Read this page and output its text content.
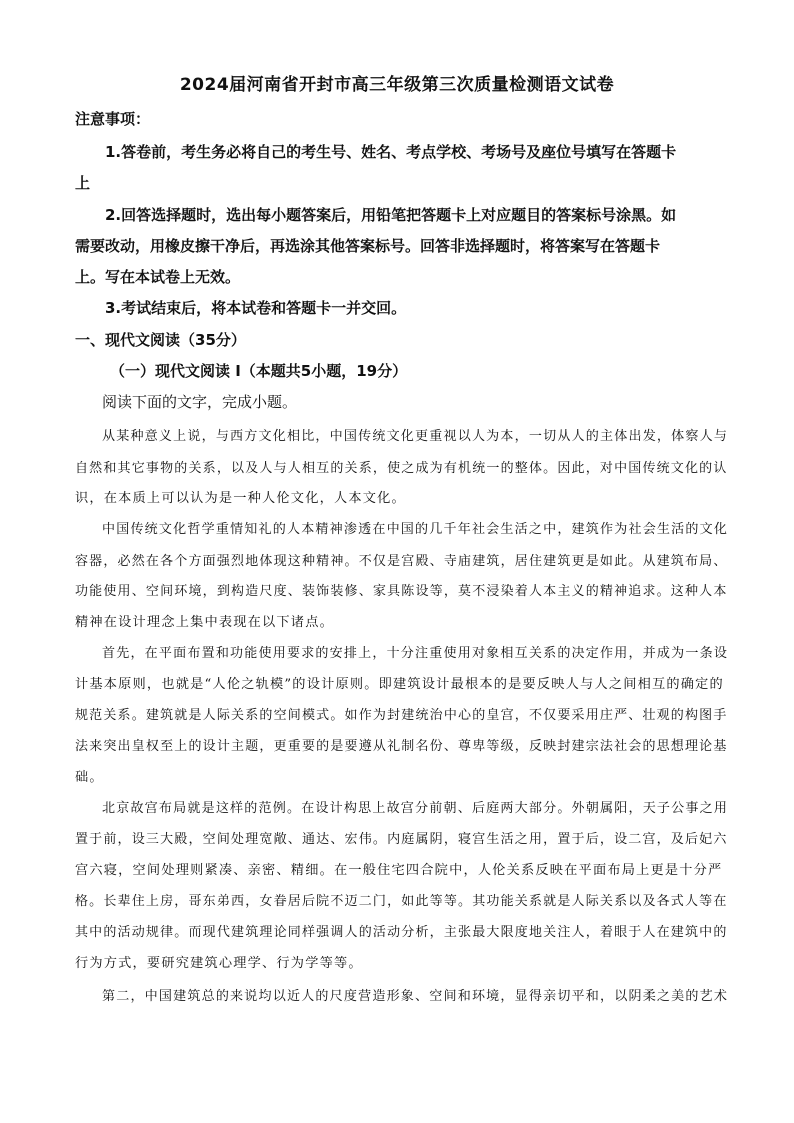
2024届河南省开封市高三年级第三次质量检测语文试卷
注意事项：
1.答卷前，考生务必将自己的考生号、姓名、考点学校、考场号及座位号填写在答题卡
上
2.回答选择题时，选出每小题答案后，用铅笔把答题卡上对应题目的答案标号涂黑。如
需要改动，用橡皮擦干净后，再选涂其他答案标号。回答非选择题时，将答案写在答题卡
上。写在本试卷上无效。
3.考试结束后，将本试卷和答题卡一并交回。
一、现代文阅读（35分）
（一）现代文阅读 I（本题共5小题，19分）
阅读下面的文字，完成小题。
从某种意义上说，与西方文化相比，中国传统文化更重视以人为本，一切从人的主体出发，体察人与
自然和其它事物的关系，以及人与人相互的关系，使之成为有机统一的整体。因此，对中国传统文化的认
识，在本质上可以认为是一种人伦文化，人本文化。
中国传统文化哲学重情知礼的人本精神渗透在中国的几千年社会生活之中，建筑作为社会生活的文化
容器，必然在各个方面强烈地体现这种精神。不仅是宫殿、寺庙建筑，居住建筑更是如此。从建筑布局、
功能使用、空间环境，到构造尺度、装饰装修、家具陈设等，莫不浸染着人本主义的精神追求。这种人本
精神在设计理念上集中表现在以下诸点。
首先，在平面布置和功能使用要求的安排上，十分注重使用对象相互关系的决定作用，并成为一条设
计基本原则，也就是“人伦之轨模”的设计原则。即建筑设计最根本的是要反映人与人之间相互的确定的
规范关系。建筑就是人际关系的空间模式。如作为封建统治中心的皇宫，不仅要采用庄严、壮观的构图手
法来突出皇权至上的设计主题，更重要的是要遵从礼制名份、尊卑等级，反映封建宗法社会的思想理论基
础。
北京故宫布局就是这样的范例。在设计构思上故宫分前朝、后庭两大部分。外朝属阳，天子公事之用
置于前，设三大殿，空间处理宽敞、通达、宏伟。内庭属阴，寝宫生活之用，置于后，设二宫，及后妃六
宫六寝，空间处理则紧凑、亲密、精细。在一般住宅四合院中，人伦关系反映在平面布局上更是十分严
格。长辈住上房，哥东弟西，女眷居后院不迈二门，如此等等。其功能关系就是人际关系以及各式人等在
其中的活动规律。而现代建筑理论同样强调人的活动分析，主张最大限度地关注人，着眼于人在建筑中的
行为方式，要研究建筑心理学、行为学等等。
第二，中国建筑总的来说均以近人的尺度营造形象、空间和环境，显得亲切平和，以阴柔之美的艺术
